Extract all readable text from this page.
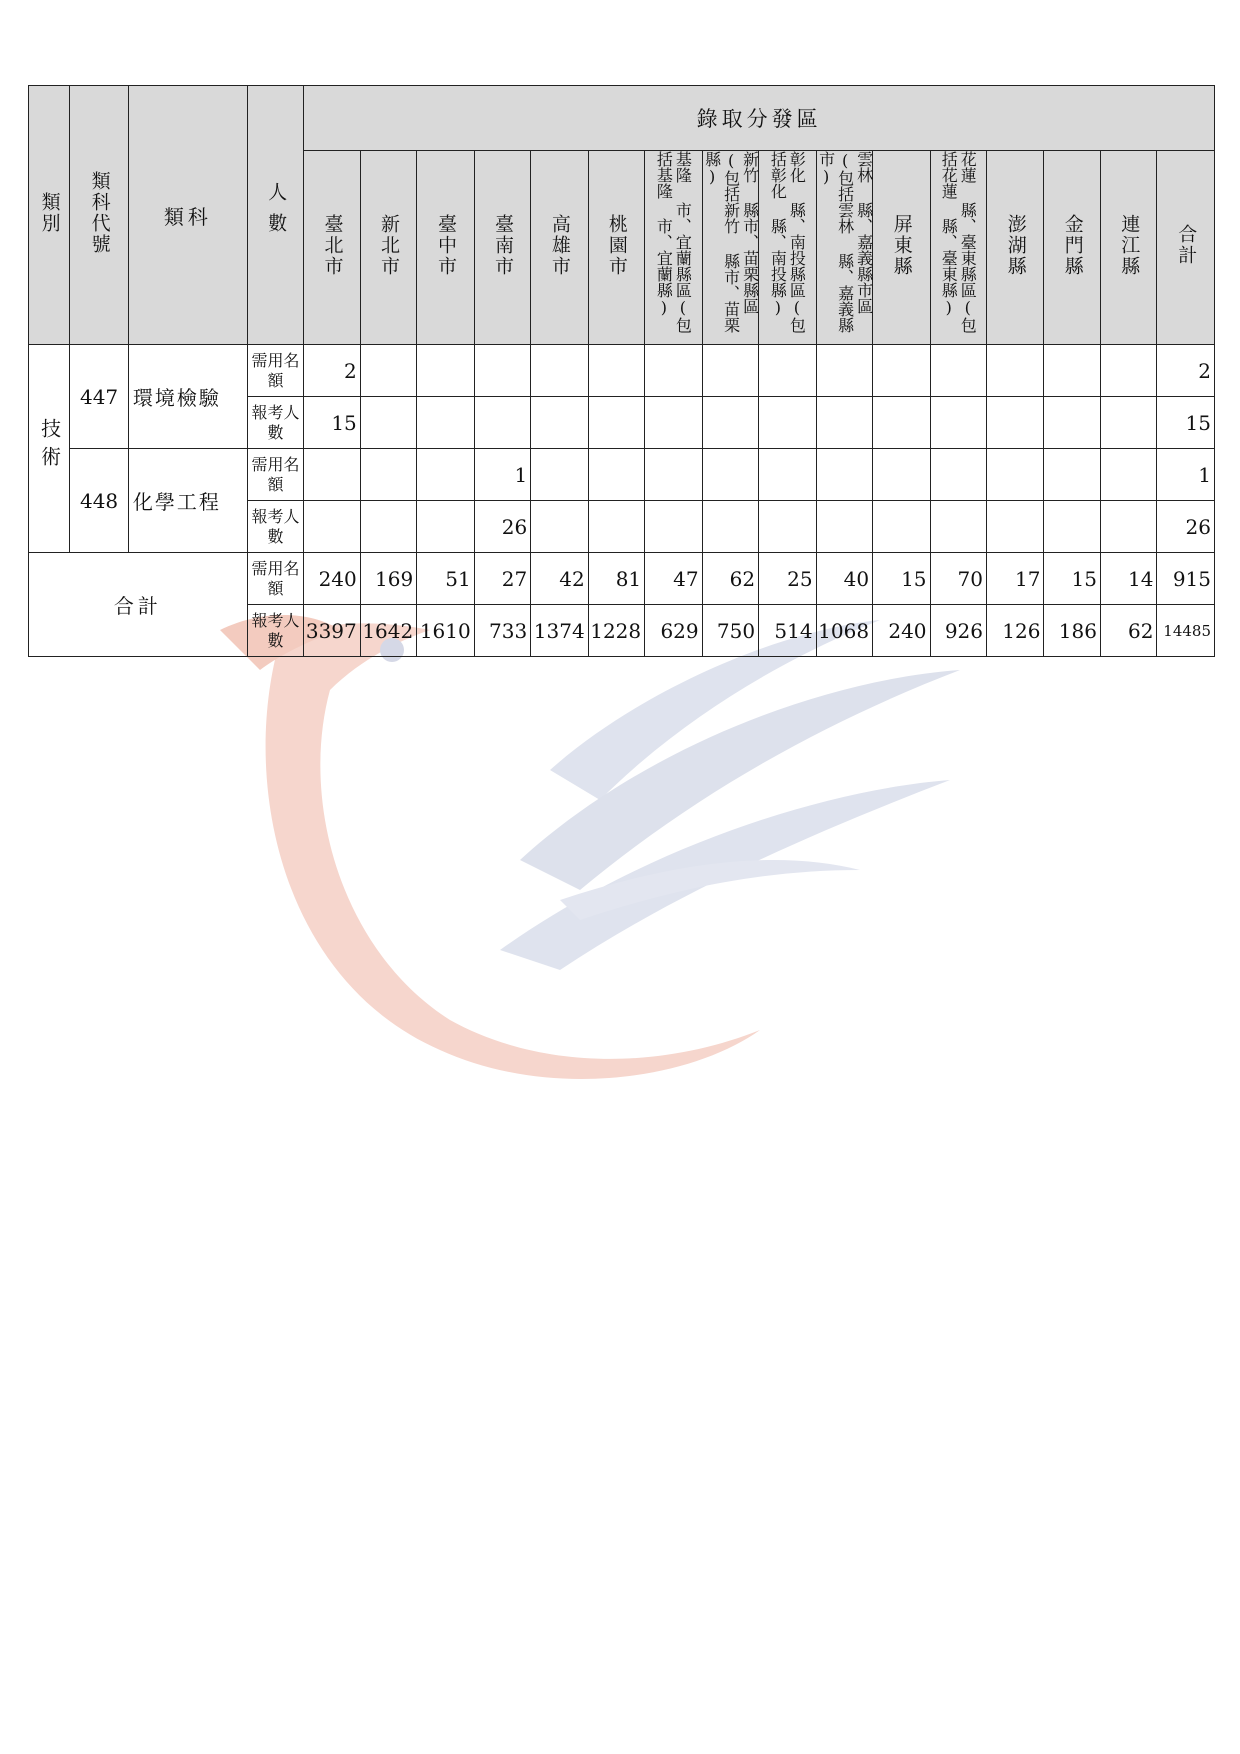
類別	類科代號	類科	人數	錄取分發區															
				臺北市	新北市	臺中市	臺南市	高雄市	桃園市	基隆 市、宜蘭縣區(包括基隆 市、宜蘭縣)	新竹 縣市、苗栗縣區(包括新竹 縣市、苗栗縣)	彰化 縣、南投縣區(包括彰化 縣、南投縣)	雲林 縣、嘉義縣市區(包括雲林 縣、嘉義縣市)	屏東縣	花蓮 縣、臺東縣區(包括花蓮 縣、臺東縣)	澎湖縣	金門縣	連江縣	合計
技術	447	環境檢驗	需用名額	2															2
			報考人數	15															15
	448	化學工程	需用名額				1												1
			報考人數				26												26
合計			需用名額	240	169	51	27	42	81	47	62	25	40	15	70	17	15	14	915
			報考人數	3397	1642	1610	733	1374	1228	629	750	514	1068	240	926	126	186	62	14485
